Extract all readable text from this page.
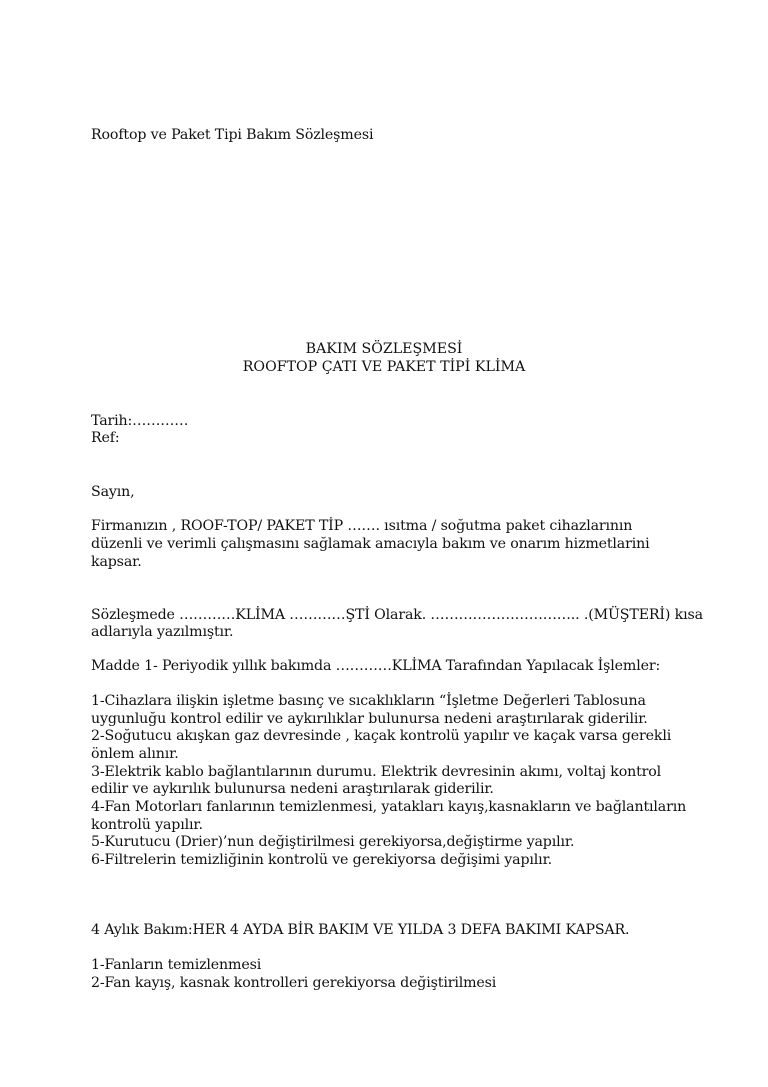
Rooftop ve Paket Tipi Bakım Sözleşmesi
BAKIM SÖZLEŞMESİ
ROOFTOP ÇATI VE PAKET TİPİ KLİMA
Tarih:…………
Ref:
Sayın,
Firmanızın , ROOF-TOP/ PAKET TİP ……. ısıtma / soğutma paket cihazlarının
düzenli ve verimli çalışmasını sağlamak amacıyla bakım ve onarım hizmetlarini
kapsar.
Sözleşmede …………KLİMA …………ŞTİ Olarak. ………………………….. .(MÜŞTERİ) kısa
adlarıyla yazılmıştır.
Madde 1- Periyodik yıllık bakımda …………KLİMA Tarafından Yapılacak İşlemler:
1-Cihazlara ilişkin işletme basınç ve sıcaklıkların “İşletme Değerleri Tablosuna
uygunluğu kontrol edilir ve aykırılıklar bulunursa nedeni araştırılarak giderilir.
2-Soğutucu akışkan gaz devresinde , kaçak kontrolü yapılır ve kaçak varsa gerekli
önlem alınır.
3-Elektrik kablo bağlantılarının durumu. Elektrik devresinin akımı, voltaj kontrol
edilir ve aykırılık bulunursa nedeni araştırılarak giderilir.
4-Fan Motorları fanlarının temizlenmesi, yatakları kayış,kasnakların ve bağlantıların
kontrolü yapılır.
5-Kurutucu (Drier)’nun değiştirilmesi gerekiyorsa,değiştirme yapılır.
6-Filtrelerin temizliğinin kontrolü ve gerekiyorsa değişimi yapılır.
4 Aylık Bakım:HER 4 AYDA BİR BAKIM VE YILDA 3 DEFA BAKIMI KAPSAR.
1-Fanların temizlenmesi
2-Fan kayış, kasnak kontrolleri gerekiyorsa değiştirilmesi
